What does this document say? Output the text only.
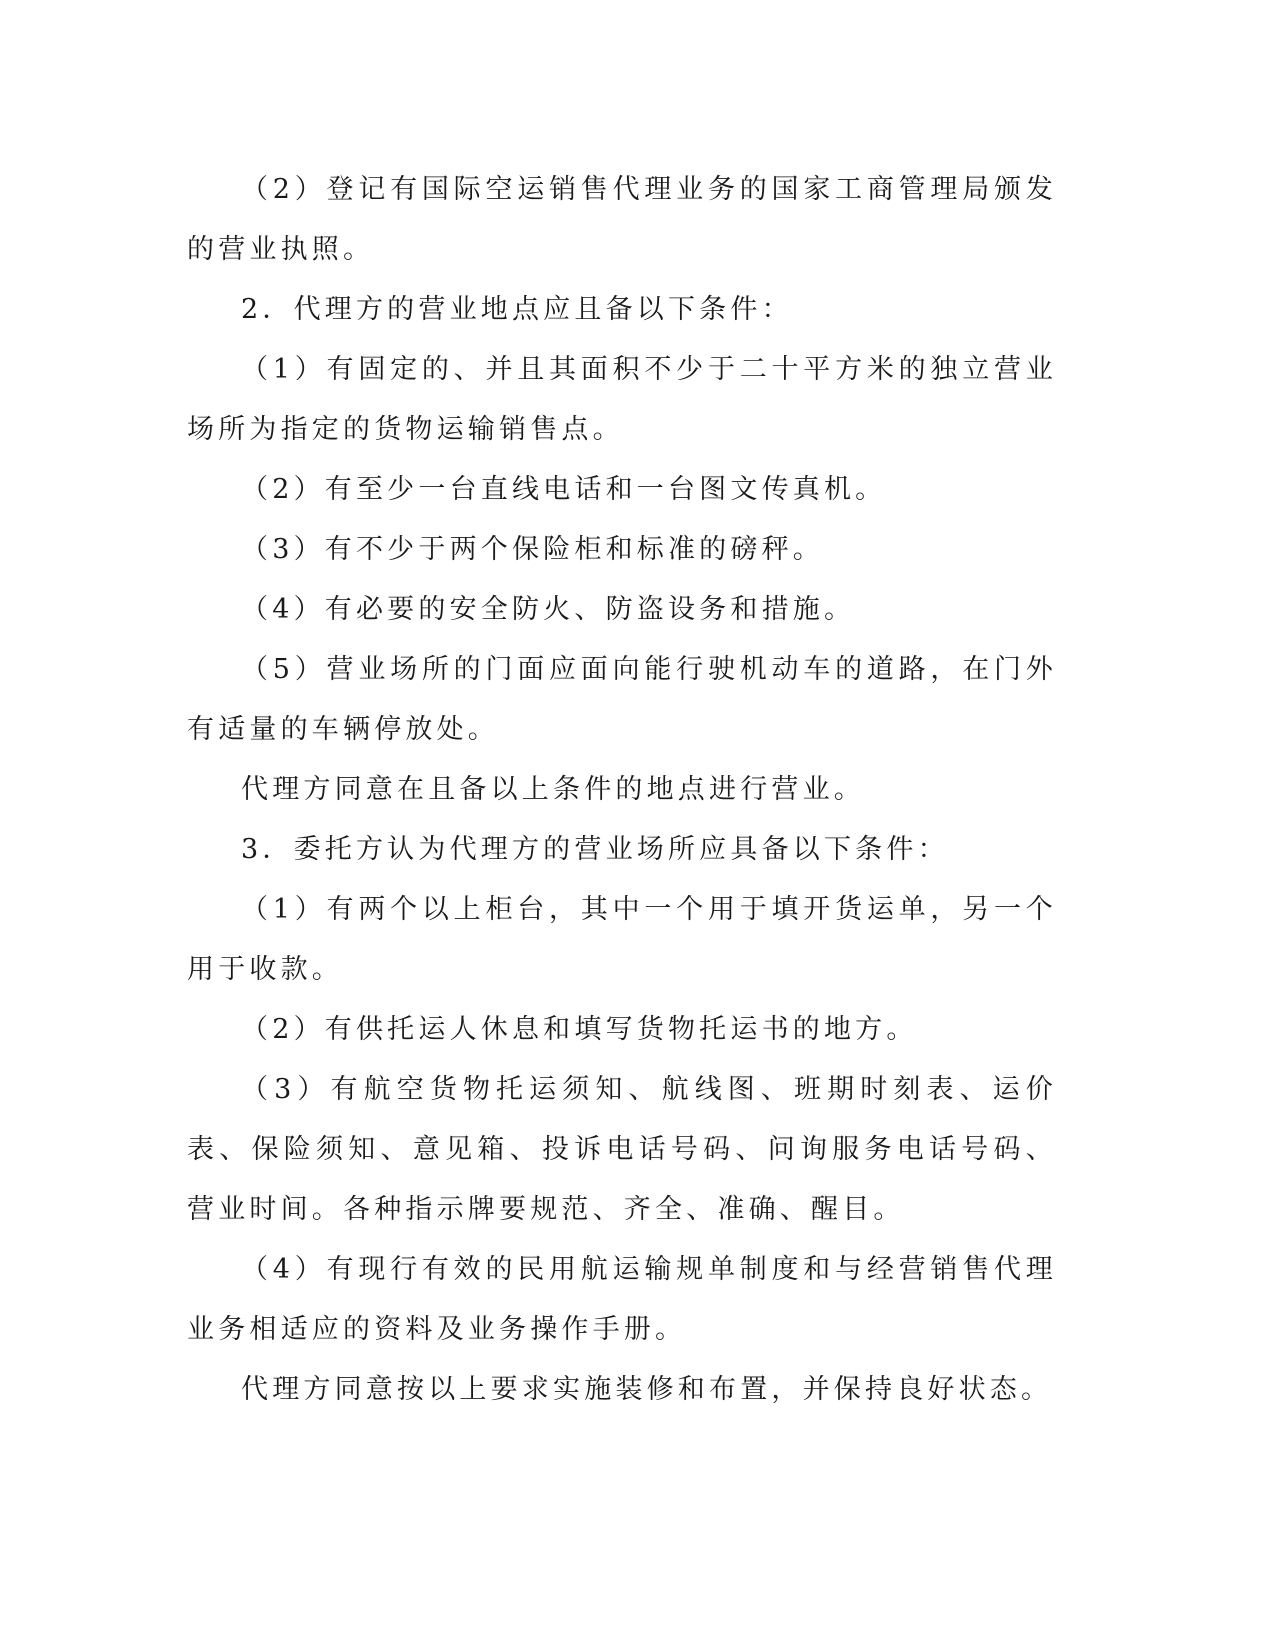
（2）登记有国际空运销售代理业务的国家工商管理局颁发的营业执照。

2．代理方的营业地点应且备以下条件：

（1）有固定的、并且其面积不少于二十平方米的独立营业场所为指定的货物运输销售点。

（2）有至少一台直线电话和一台图文传真机。

（3）有不少于两个保险柜和标准的磅秤。

（4）有必要的安全防火、防盗设务和措施。

（5）营业场所的门面应面向能行驶机动车的道路，在门外有适量的车辆停放处。

代理方同意在且备以上条件的地点进行营业。

3．委托方认为代理方的营业场所应具备以下条件：

（1）有两个以上柜台，其中一个用于填开货运单，另一个用于收款。

（2）有供托运人休息和填写货物托运书的地方。

（3）有航空货物托运须知、航线图、班期时刻表、运价表、保险须知、意见箱、投诉电话号码、问询服务电话号码、营业时间。各种指示牌要规范、齐全、准确、醒目。

（4）有现行有效的民用航运输规单制度和与经营销售代理业务相适应的资料及业务操作手册。

代理方同意按以上要求实施装修和布置，并保持良好状态。
